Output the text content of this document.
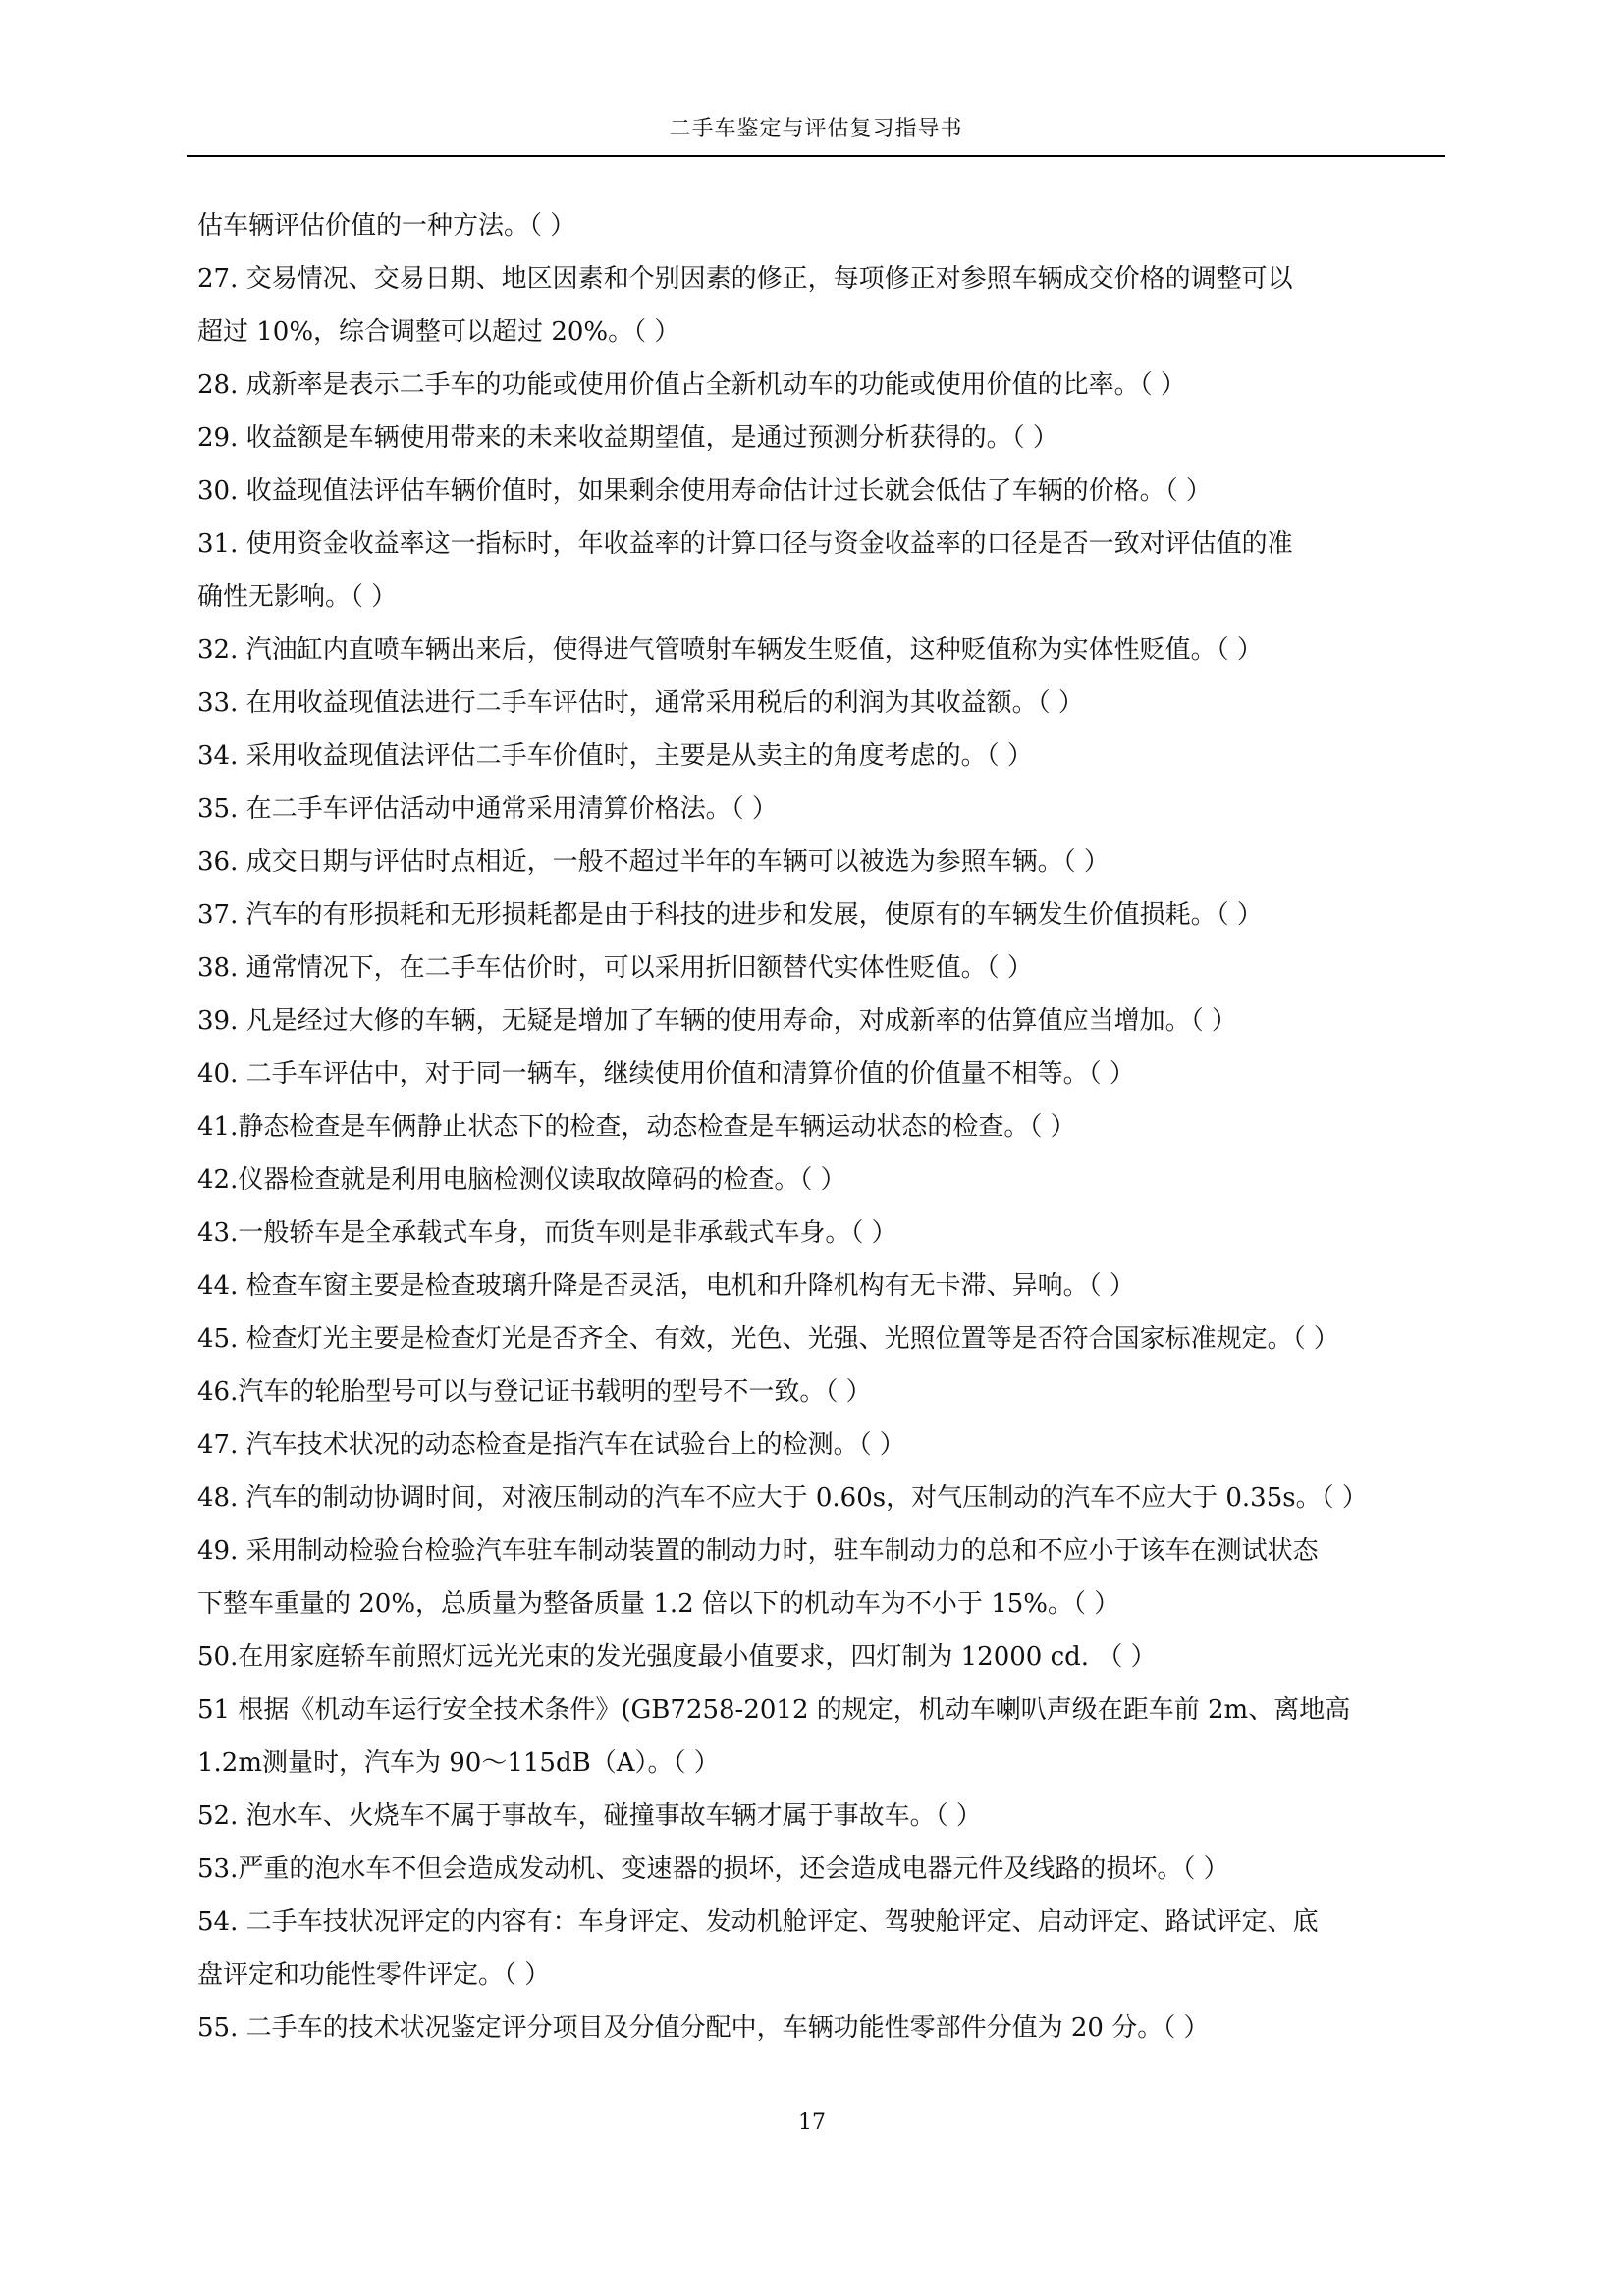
二手车鉴定与评估复习指导书

估车辆评估价值的一种方法。（ ）

27. 交易情况、交易日期、地区因素和个别因素的修正，每项修正对参照车辆成交价格的调整可以

超过 10%，综合调整可以超过 20%。（ ）

28. 成新率是表示二手车的功能或使用价值占全新机动车的功能或使用价值的比率。（ ）

29. 收益额是车辆使用带来的未来收益期望值，是通过预测分析获得的。（ ）

30. 收益现值法评估车辆价值时，如果剩余使用寿命估计过长就会低估了车辆的价格。（ ）

31. 使用资金收益率这一指标时，年收益率的计算口径与资金收益率的口径是否一致对评估值的准

确性无影响。（ ）

32. 汽油缸内直喷车辆出来后，使得进气管喷射车辆发生贬值，这种贬值称为实体性贬值。（ ）

33. 在用收益现值法进行二手车评估时，通常采用税后的利润为其收益额。（ ）

34. 采用收益现值法评估二手车价值时，主要是从卖主的角度考虑的。（ ）

35. 在二手车评估活动中通常采用清算价格法。（ ）

36. 成交日期与评估时点相近，一般不超过半年的车辆可以被选为参照车辆。（ ）

37. 汽车的有形损耗和无形损耗都是由于科技的进步和发展，使原有的车辆发生价值损耗。（ ）

38. 通常情况下，在二手车估价时，可以采用折旧额替代实体性贬值。（ ）

39. 凡是经过大修的车辆，无疑是增加了车辆的使用寿命，对成新率的估算值应当增加。（ ）

40. 二手车评估中，对于同一辆车，继续使用价值和清算价值的价值量不相等。（ ）

41.静态检查是车俩静止状态下的检查，动态检查是车辆运动状态的检查。（ ）

42.仪器检查就是利用电脑检测仪读取故障码的检查。（ ）

43.一般轿车是全承载式车身，而货车则是非承载式车身。（ ）

44. 检查车窗主要是检查玻璃升降是否灵活，电机和升降机构有无卡滞、异响。（ ）

45. 检查灯光主要是检查灯光是否齐全、有效，光色、光强、光照位置等是否符合国家标准规定。（ ）

46.汽车的轮胎型号可以与登记证书载明的型号不一致。（ ）

47. 汽车技术状况的动态检查是指汽车在试验台上的检测。（ ）

48. 汽车的制动协调时间，对液压制动的汽车不应大于 0.60s，对气压制动的汽车不应大于 0.35s。（ ）

49. 采用制动检验台检验汽车驻车制动装置的制动力时，驻车制动力的总和不应小于该车在测试状态

下整车重量的 20%，总质量为整备质量 1.2 倍以下的机动车为不小于 15%。（ ）

50.在用家庭轿车前照灯远光光束的发光强度最小值要求，四灯制为 12000 cd. （ ）

51 根据《机动车运行安全技术条件》(GB7258-2012 的规定，机动车喇叭声级在距车前 2m、离地高

1.2m测量时，汽车为 90～115dB（A）。（ ）

52. 泡水车、火烧车不属于事故车，碰撞事故车辆才属于事故车。（ ）

53.严重的泡水车不但会造成发动机、变速器的损坏，还会造成电器元件及线路的损坏。（ ）

54. 二手车技状况评定的内容有：车身评定、发动机舱评定、驾驶舱评定、启动评定、路试评定、底

盘评定和功能性零件评定。（ ）

55. 二手车的技术状况鉴定评分项目及分值分配中，车辆功能性零部件分值为 20 分。（ ）

17
